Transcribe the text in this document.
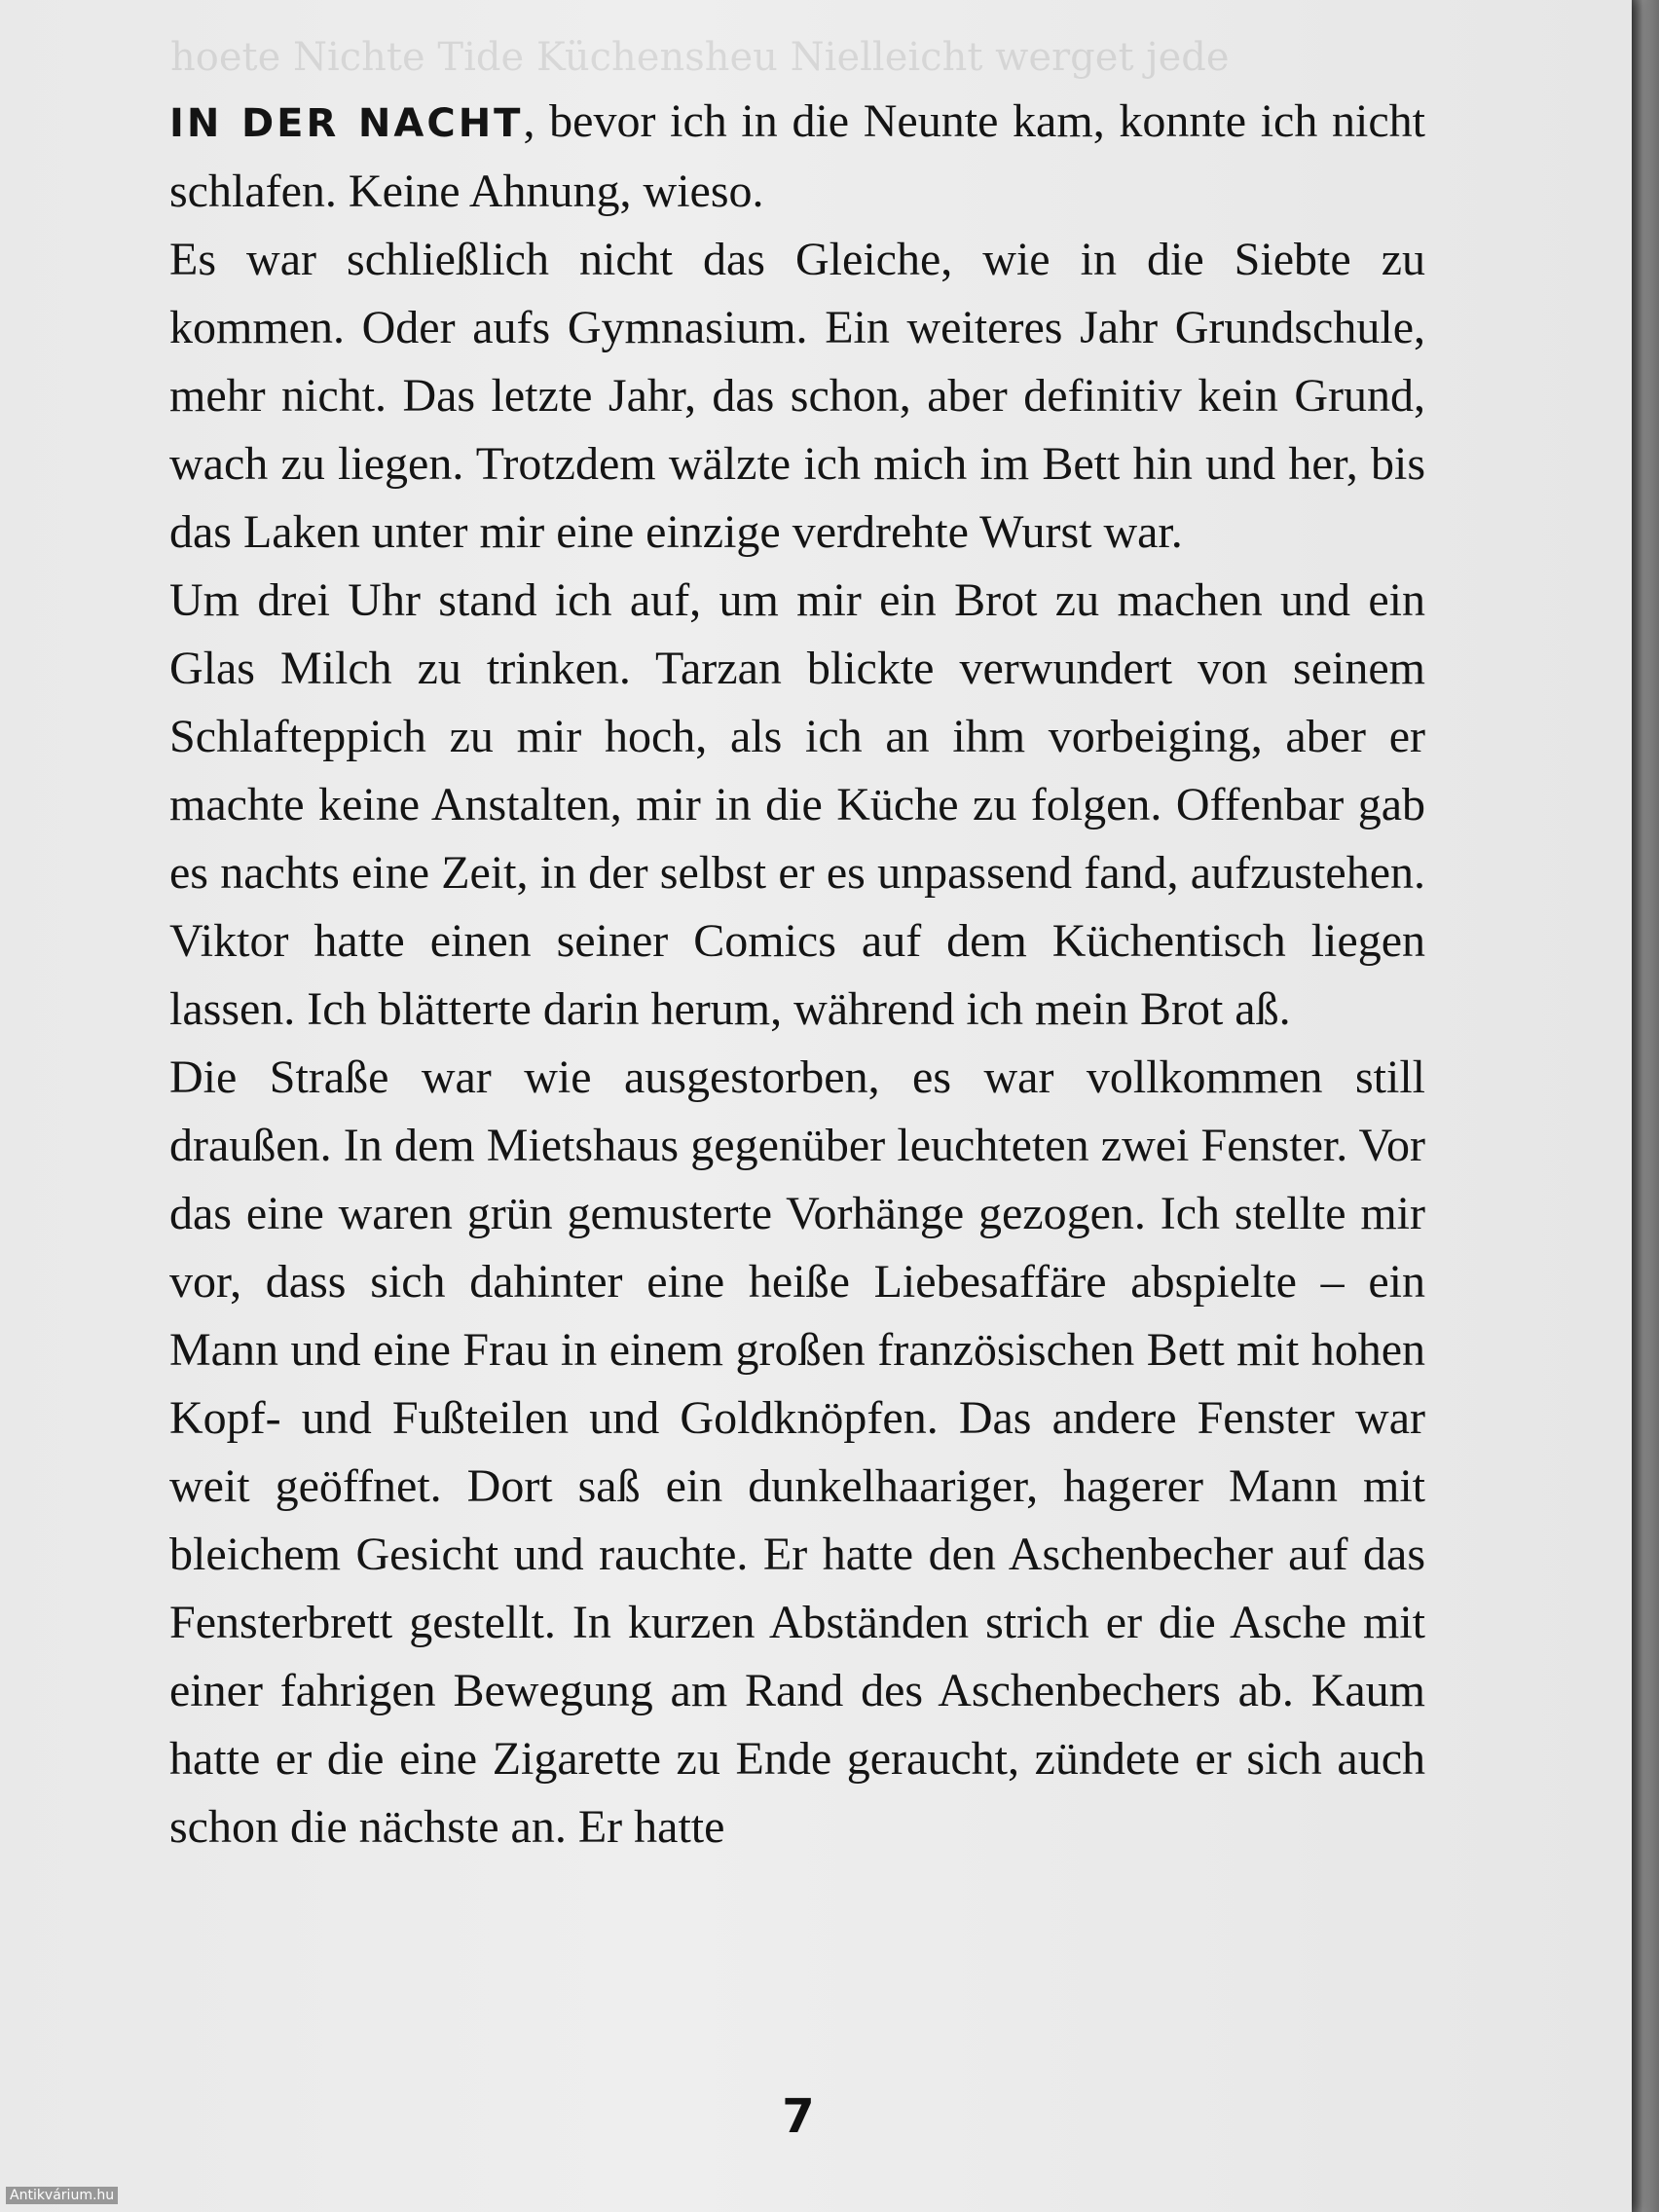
hoete Nichte Tide Küchensheu Nielleicht werget jede

IN DER NACHT, bevor ich in die Neunte kam, konnte ich nicht schlafen. Keine Ahnung, wieso.

Es war schließlich nicht das Gleiche, wie in die Siebte zu kommen. Oder aufs Gymnasium. Ein weiteres Jahr Grundschule, mehr nicht. Das letzte Jahr, das schon, aber definitiv kein Grund, wach zu liegen. Trotzdem wälzte ich mich im Bett hin und her, bis das Laken unter mir eine einzige verdrehte Wurst war.

Um drei Uhr stand ich auf, um mir ein Brot zu machen und ein Glas Milch zu trinken. Tarzan blickte verwundert von seinem Schlafteppich zu mir hoch, als ich an ihm vorbeiging, aber er machte keine Anstalten, mir in die Küche zu folgen. Offenbar gab es nachts eine Zeit, in der selbst er es unpassend fand, aufzustehen. Viktor hatte einen seiner Comics auf dem Küchentisch liegen lassen. Ich blätterte darin herum, während ich mein Brot aß.

Die Straße war wie ausgestorben, es war vollkommen still draußen. In dem Mietshaus gegenüber leuchteten zwei Fenster. Vor das eine waren grün gemusterte Vorhänge gezogen. Ich stellte mir vor, dass sich dahinter eine heiße Liebesaffäre abspielte – ein Mann und eine Frau in einem großen französischen Bett mit hohen Kopf- und Fußteilen und Goldknöpfen. Das andere Fenster war weit geöffnet. Dort saß ein dunkelhaariger, hagerer Mann mit bleichem Gesicht und rauchte. Er hatte den Aschenbecher auf das Fensterbrett gestellt. In kurzen Abständen strich er die Asche mit einer fahrigen Bewegung am Rand des Aschenbechers ab. Kaum hatte er die eine Zigarette zu Ende geraucht, zündete er sich auch schon die nächste an. Er hatte

7
Antikvárium.hu
